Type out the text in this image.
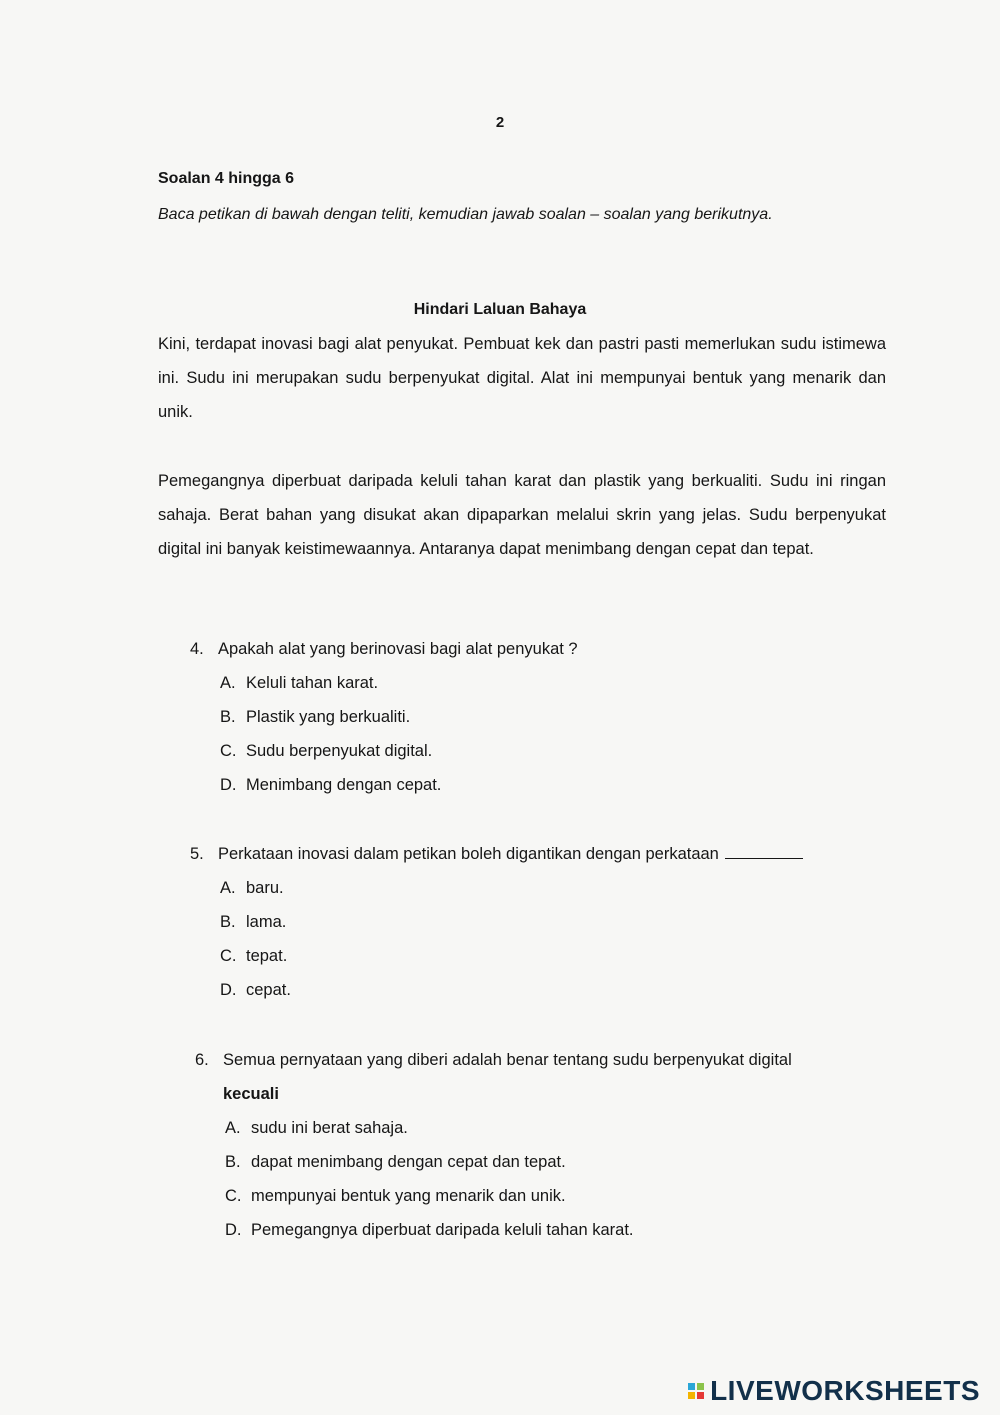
2
Soalan 4 hingga 6
Baca petikan di bawah dengan teliti, kemudian jawab soalan – soalan yang berikutnya.
Hindari Laluan Bahaya
Kini, terdapat inovasi bagi alat penyukat. Pembuat kek dan pastri pasti memerlukan sudu istimewa ini. Sudu ini merupakan sudu berpenyukat digital. Alat ini mempunyai bentuk yang menarik dan unik.
Pemegangnya diperbuat daripada keluli tahan karat dan plastik yang berkualiti. Sudu ini ringan sahaja. Berat bahan yang disukat akan dipaparkan melalui skrin yang jelas. Sudu berpenyukat digital ini banyak keistimewaannya. Antaranya dapat menimbang dengan cepat dan tepat.
4. Apakah alat yang berinovasi bagi alat penyukat ?
A. Keluli tahan karat.
B. Plastik yang berkualiti.
C. Sudu berpenyukat digital.
D. Menimbang dengan cepat.
5. Perkataan inovasi dalam petikan boleh digantikan dengan perkataan
A. baru.
B. lama.
C. tepat.
D. cepat.
6. Semua pernyataan yang diberi adalah benar tentang sudu berpenyukat digital
kecuali
A. sudu ini berat sahaja.
B. dapat menimbang dengan cepat dan tepat.
C. mempunyai bentuk yang menarik dan unik.
D. Pemegangnya diperbuat daripada keluli tahan karat.
LIVEWORKSHEETS
